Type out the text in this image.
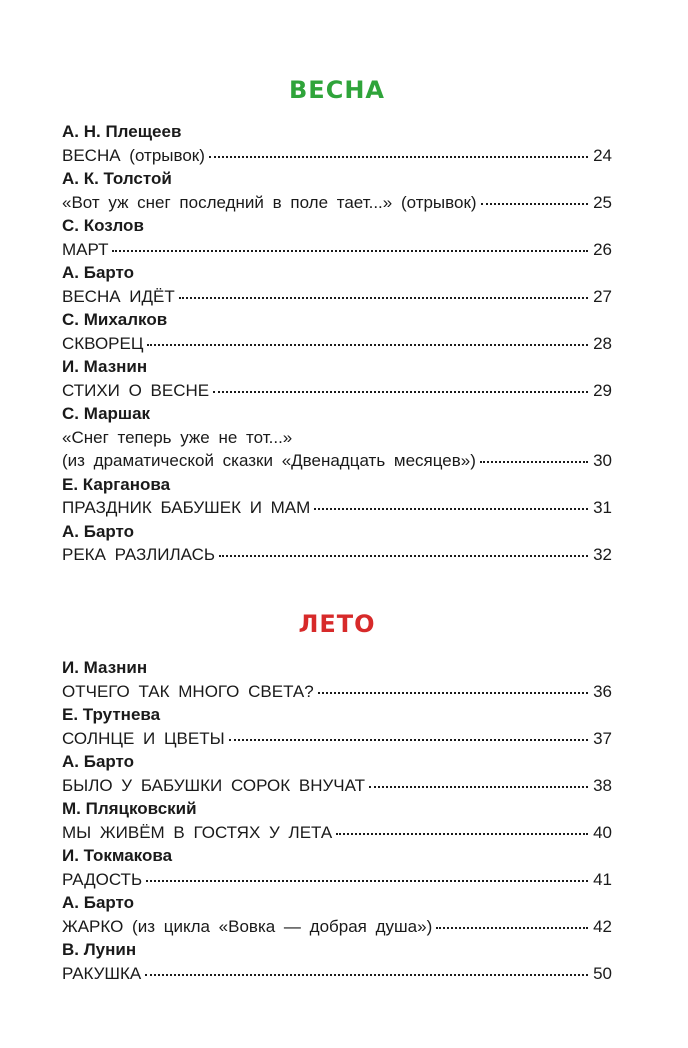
ВЕСНА
А. Н. Плещеев
ВЕСНА (отрывок)	24
А. К. Толстой
«Вот уж снег последний в поле тает...» (отрывок)	25
С. Козлов
МАРТ	26
А. Барто
ВЕСНА ИДЁТ	27
С. Михалков
СКВОРЕЦ	28
И. Мазнин
СТИХИ О ВЕСНЕ	29
С. Маршак
«Снег теперь уже не тот...»
(из драматической сказки «Двенадцать месяцев»)	30
Е. Карганова
ПРАЗДНИК БАБУШЕК И МАМ	31
А. Барто
РЕКА РАЗЛИЛАСЬ	32
ЛЕТО
И. Мазнин
ОТЧЕГО ТАК МНОГО СВЕТА?	36
Е. Трутнева
СОЛНЦЕ И ЦВЕТЫ	37
А. Барто
БЫЛО У БАБУШКИ СОРОК ВНУЧАТ	38
М. Пляцковский
МЫ ЖИВЁМ В ГОСТЯХ У ЛЕТА	40
И. Токмакова
РАДОСТЬ	41
А. Барто
ЖАРКО (из цикла «Вовка — добрая душа»)	42
В. Лунин
РАКУШКА	50
